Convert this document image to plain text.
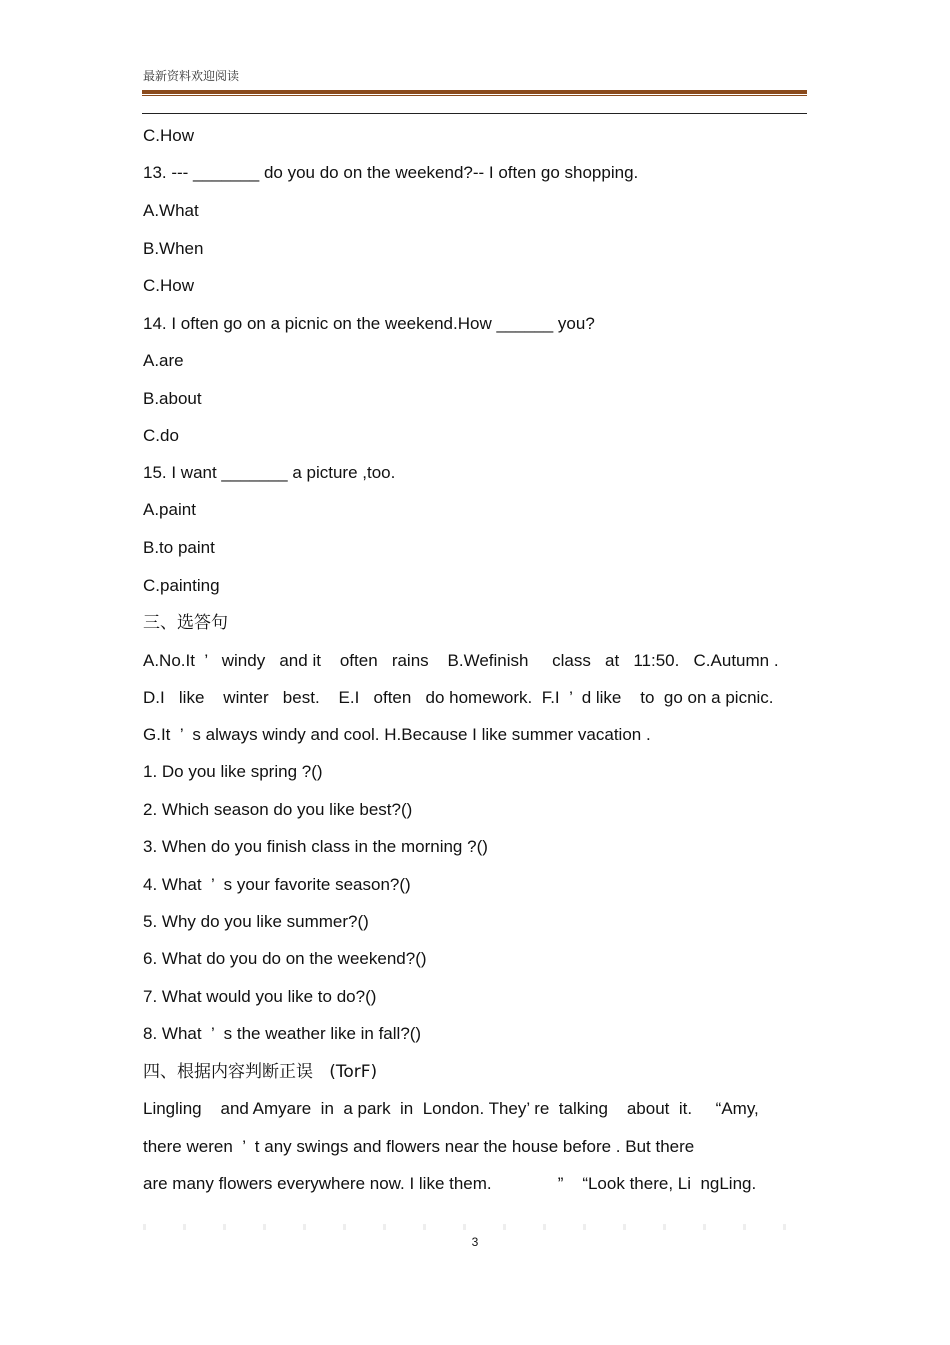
最新资料欢迎阅读
C.How
13. --- _______ do you do on the weekend?-- I often go shopping.
A.What
B.When
C.How
14. I often go on a picnic on the weekend.How ______ you?
A.are
B.about
C.do
15. I want _______ a picture ,too.
A.paint
B.to paint
C.painting
三、选答句
A.No.It  ’   windy   and it    often   rains    B.Wefinish     class   at   11:50.   C.Autumn .
D.I   like    winter   best.    E.I   often   do homework.  F.I  ’  d like    to  go on a picnic.
G.It  ’  s always windy and cool. H.Because I like summer vacation .
1. Do you like spring ?()
2. Which season do you like best?()
3. When do you finish class in the morning ?()
4. What  ’  s your favorite season?()
5. Why do you like summer?()
6. What do you do on the weekend?()
7. What would you like to do?()
8. What  ’  s the weather like in fall?()
四、根据内容判断正误   (TorF)
Lingling    and Amyare  in  a park  in  London. They’ re  talking    about  it.     “Amy,
there weren  ’  t any swings and flowers near the house before . But there
are many flowers everywhere now. I like them.              ”    “Look there, Li  ngLing.
3
